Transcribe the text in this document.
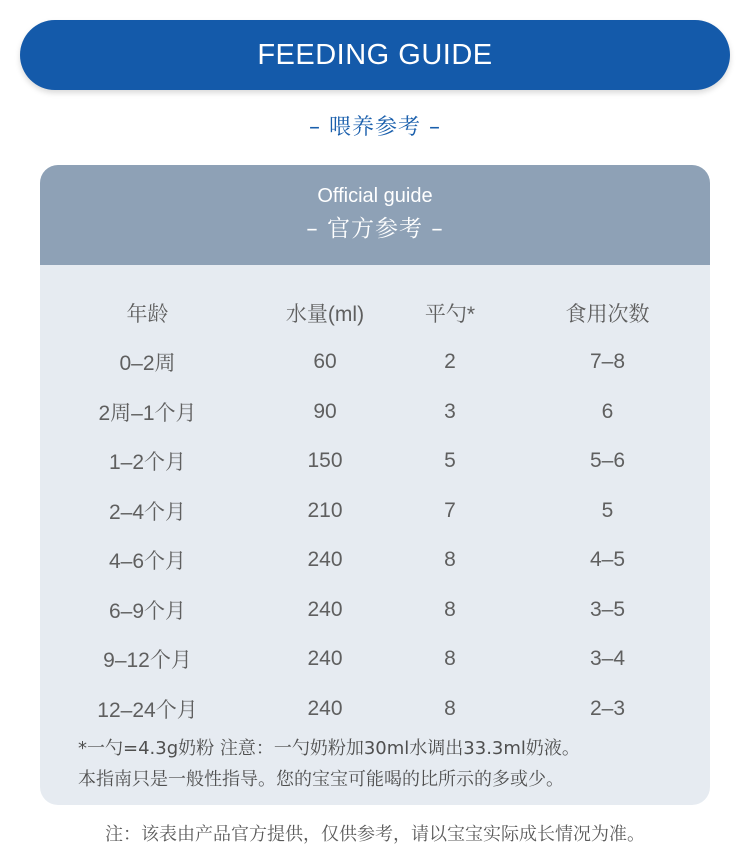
FEEDING GUIDE
– 喂养参考 –
Official guide
– 官方参考 –
年龄	水量(ml)	平勺*	食用次数
0–2周	60	2	7–8
2周–1个月	90	3	6
1–2个月	150	5	5–6
2–4个月	210	7	5
4–6个月	240	8	4–5
6–9个月	240	8	3–5
9–12个月	240	8	3–4
12–24个月	240	8	2–3
*一勺=4.3g奶粉 注意：一勺奶粉加30ml水调出33.3ml奶液。
本指南只是一般性指导。您的宝宝可能喝的比所示的多或少。
注：该表由产品官方提供，仅供参考，请以宝宝实际成长情况为准。
